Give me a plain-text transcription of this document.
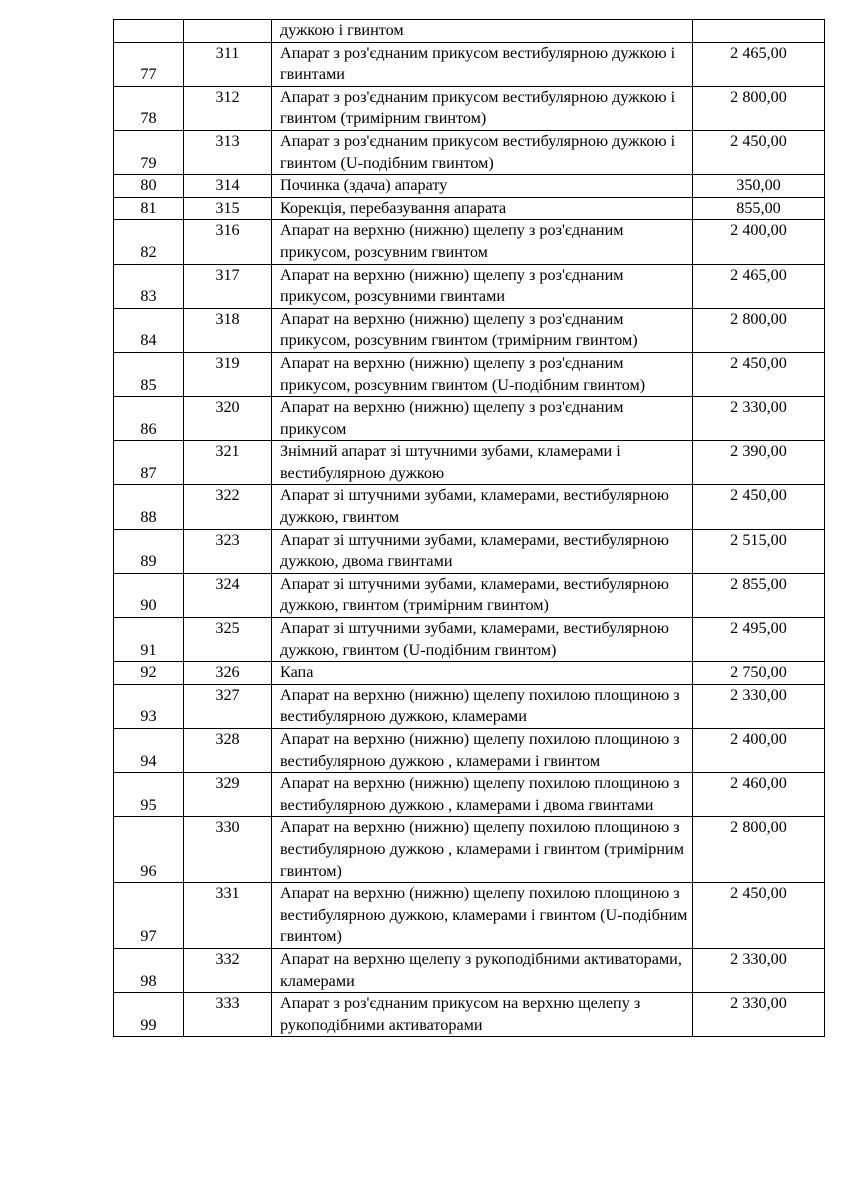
		дужкою і гвинтом	
77	311	Апарат з роз'єднаним прикусом вестибулярною дужкою і гвинтами	2 465,00
78	312	Апарат з роз'єднаним прикусом вестибулярною дужкою і гвинтом (тримірним гвинтом)	2 800,00
79	313	Апарат з роз'єднаним прикусом вестибулярною дужкою і гвинтом (U-подібним гвинтом)	2 450,00
80	314	Починка (здача) апарату	350,00
81	315	Корекція, перебазування апарата	855,00
82	316	Апарат на верхню (нижню) щелепу з роз'єднаним прикусом, розсувним гвинтом	2 400,00
83	317	Апарат на верхню (нижню) щелепу з роз'єднаним прикусом, розсувними гвинтами	2 465,00
84	318	Апарат на верхню (нижню) щелепу з роз'єднаним прикусом, розсувним гвинтом (тримірним гвинтом)	2 800,00
85	319	Апарат на верхню (нижню) щелепу з роз'єднаним прикусом, розсувним гвинтом (U-подібним гвинтом)	2 450,00
86	320	Апарат на верхню (нижню) щелепу з роз'єднаним прикусом	2 330,00
87	321	Знімний апарат зі штучними зубами, кламерами і вестибулярною дужкою	2 390,00
88	322	Апарат зі штучними зубами, кламерами, вестибулярною дужкою, гвинтом	2 450,00
89	323	Апарат зі штучними зубами, кламерами, вестибулярною дужкою, двома гвинтами	2 515,00
90	324	Апарат зі штучними зубами, кламерами, вестибулярною дужкою, гвинтом (тримірним гвинтом)	2 855,00
91	325	Апарат зі штучними зубами, кламерами, вестибулярною дужкою, гвинтом (U-подібним гвинтом)	2 495,00
92	326	Капа	2 750,00
93	327	Апарат на верхню (нижню) щелепу похилою площиною з вестибулярною дужкою, кламерами	2 330,00
94	328	Апарат на верхню (нижню) щелепу похилою площиною з вестибулярною дужкою , кламерами і гвинтом	2 400,00
95	329	Апарат на верхню (нижню) щелепу похилою площиною з вестибулярною дужкою , кламерами і двома гвинтами	2 460,00
96	330	Апарат на верхню (нижню) щелепу похилою площиною з вестибулярною дужкою , кламерами і гвинтом (тримірним гвинтом)	2 800,00
97	331	Апарат на верхню (нижню) щелепу похилою площиною з вестибулярною дужкою, кламерами і гвинтом (U-подібним гвинтом)	2 450,00
98	332	Апарат на верхню щелепу з рукоподібними активаторами, кламерами	2 330,00
99	333	Апарат з роз'єднаним прикусом на верхню щелепу з рукоподібними активаторами	2 330,00
